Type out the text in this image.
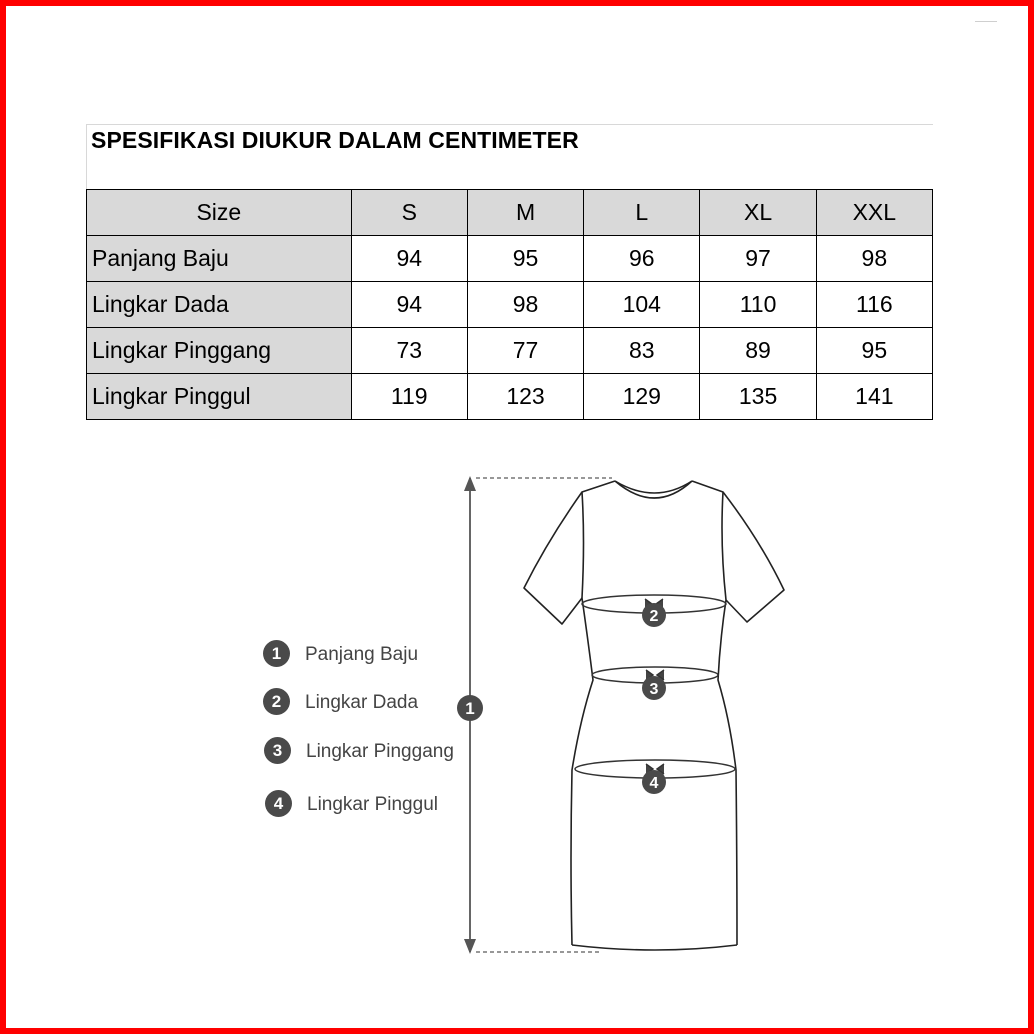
SPESIFIKASI DIUKUR DALAM CENTIMETER
Size	S	M	L	XL	XXL
Panjang Baju	94	95	96	97	98
Lingkar Dada	94	98	104	110	116
Lingkar Pinggang	73	77	83	89	95
Lingkar Pinggul	119	123	129	135	141
1	Panjang Baju
2	Lingkar Dada
3	Lingkar Pinggang
4	Lingkar Pinggul
1
2
3
4
